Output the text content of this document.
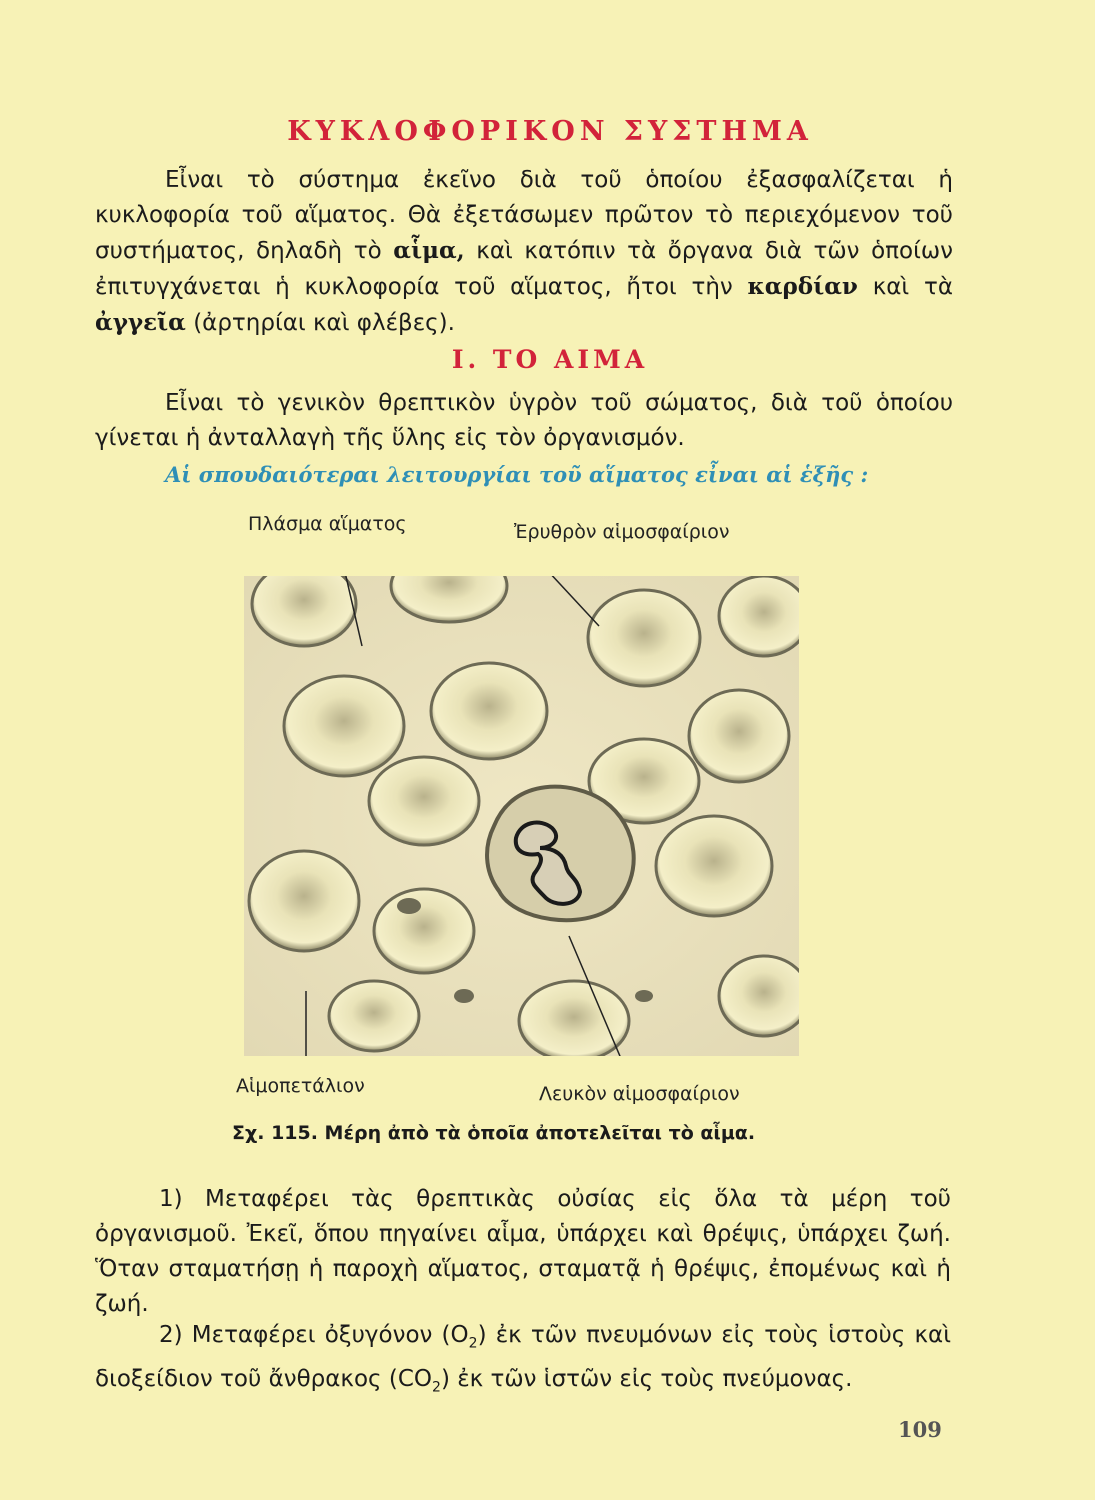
ΚΥΚΛΟΦΟΡΙΚΟΝ ΣΥΣΤΗΜΑ
Εἶναι τὸ σύστημα ἐκεῖνο διὰ τοῦ ὁποίου ἐξασφαλίζεται ἡ κυκλοφορία τοῦ αἵματος. Θὰ ἐξετάσωμεν πρῶτον τὸ περιεχόμενον τοῦ συστήματος, δηλαδὴ τὸ αἷμα, καὶ κατόπιν τὰ ὄργανα διὰ τῶν ὁποίων ἐπιτυγχάνεται ἡ κυκλοφορία τοῦ αἵματος, ἤτοι τὴν καρδίαν καὶ τὰ ἀγγεῖα (ἀρτηρίαι καὶ φλέβες).
Ι. ΤΟ ΑΙΜΑ
Εἶναι τὸ γενικὸν θρεπτικὸν ὑγρὸν τοῦ σώματος, διὰ τοῦ ὁποίου γίνεται ἡ ἀνταλλαγὴ τῆς ὕλης εἰς τὸν ὀργανισμόν.
Αἱ σπουδαιότεραι λειτουργίαι τοῦ αἵματος εἶναι αἱ ἑξῆς :
Πλάσμα αἵματος	Ἐρυθρὸν αἱμοσφαίριον
Αἱμοπετάλιον	Λευκὸν αἱμοσφαίριον
Σχ. 115. Μέρη ἀπὸ τὰ ὁποῖα ἀποτελεῖται τὸ αἷμα.
1) Μεταφέρει τὰς θρεπτικὰς οὐσίας εἰς ὅλα τὰ μέρη τοῦ ὀργανισμοῦ. Ἐκεῖ, ὅπου πηγαίνει αἷμα, ὑπάρχει καὶ θρέψις, ὑπάρχει ζωή. Ὅταν σταματήσῃ ἡ παροχὴ αἵματος, σταματᾷ ἡ θρέψις, ἐπομένως καὶ ἡ ζωή.
2) Μεταφέρει ὀξυγόνον $(O_2)$ ἐκ τῶν πνευμόνων εἰς τοὺς ἱστοὺς καὶ διοξείδιον τοῦ ἄνθρακος $(CO_2)$ ἐκ τῶν ἱστῶν εἰς τοὺς πνεύμονας.
109
